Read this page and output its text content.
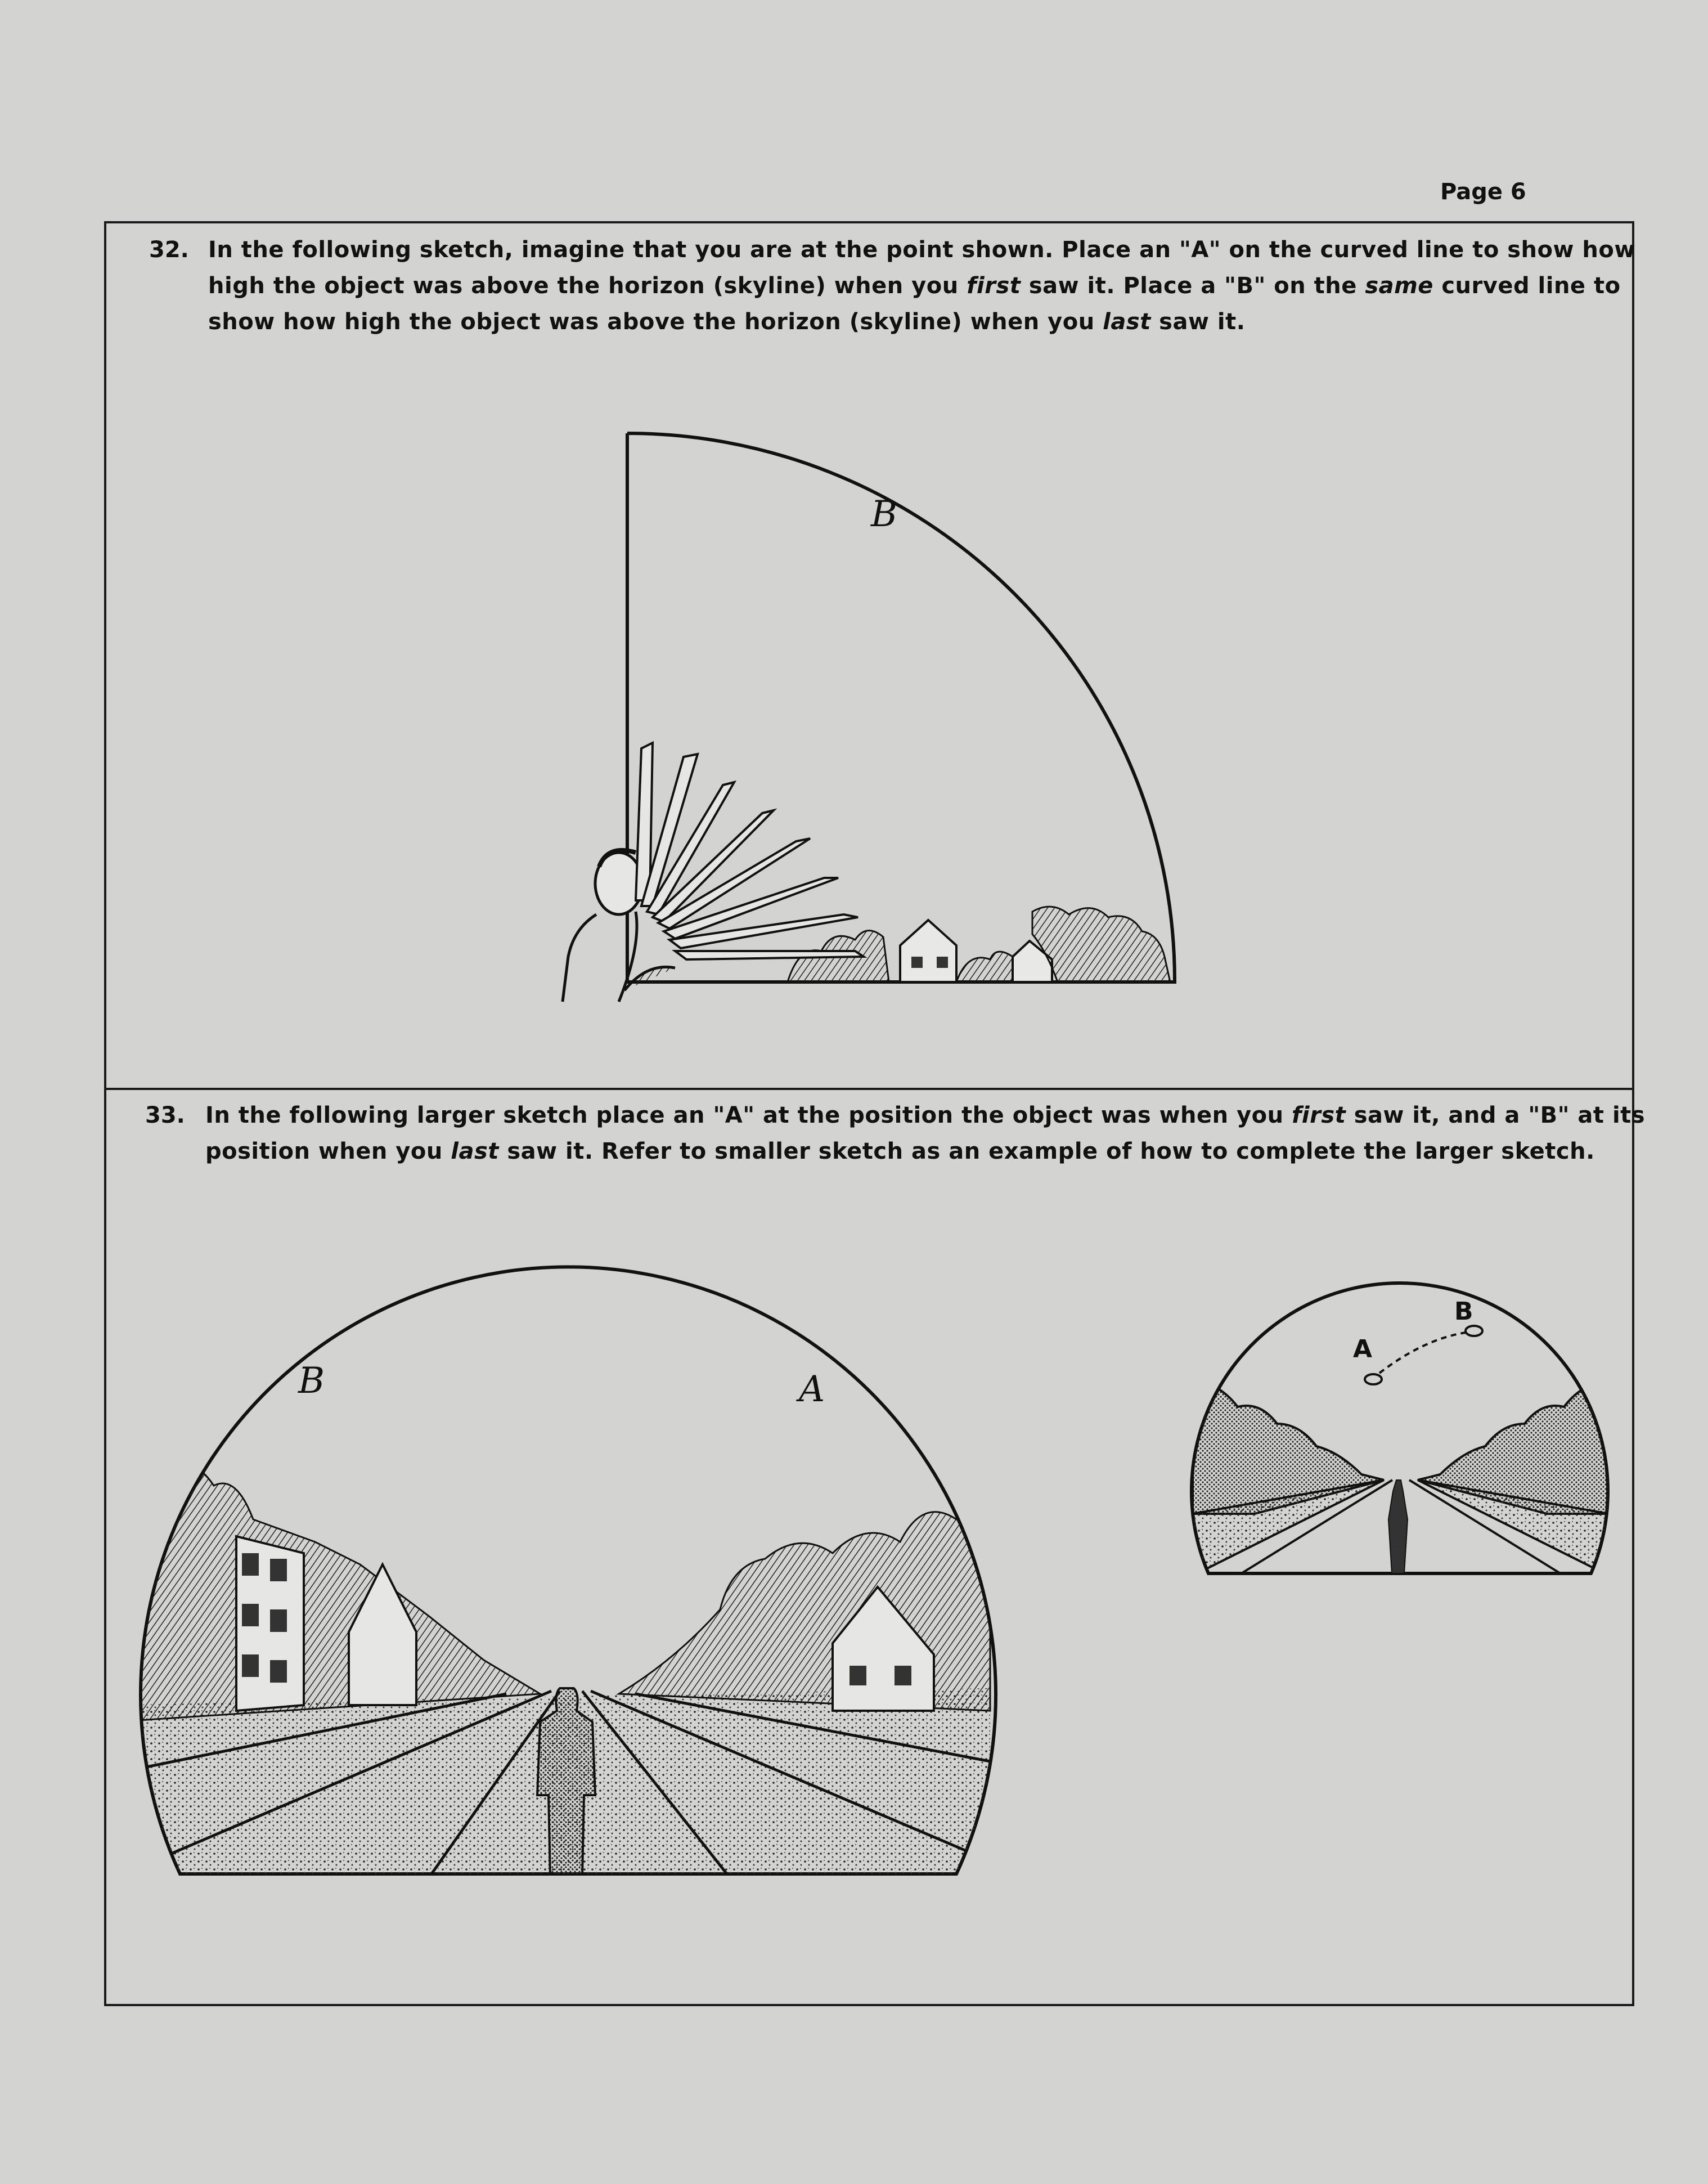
Page 6
32. In the following sketch, imagine that you are at the point shown. Place an "A" on the curved line to show how
high the object was above the horizon (skyline) when you first saw it. Place a "B" on the same curved line to
show how high the object was above the horizon (skyline) when you last saw it.
33. In the following larger sketch place an "A" at the position the object was when you first saw it, and a "B" at its
position when you last saw it. Refer to smaller sketch as an example of how to complete the larger sketch.
B
B	A
A
B
